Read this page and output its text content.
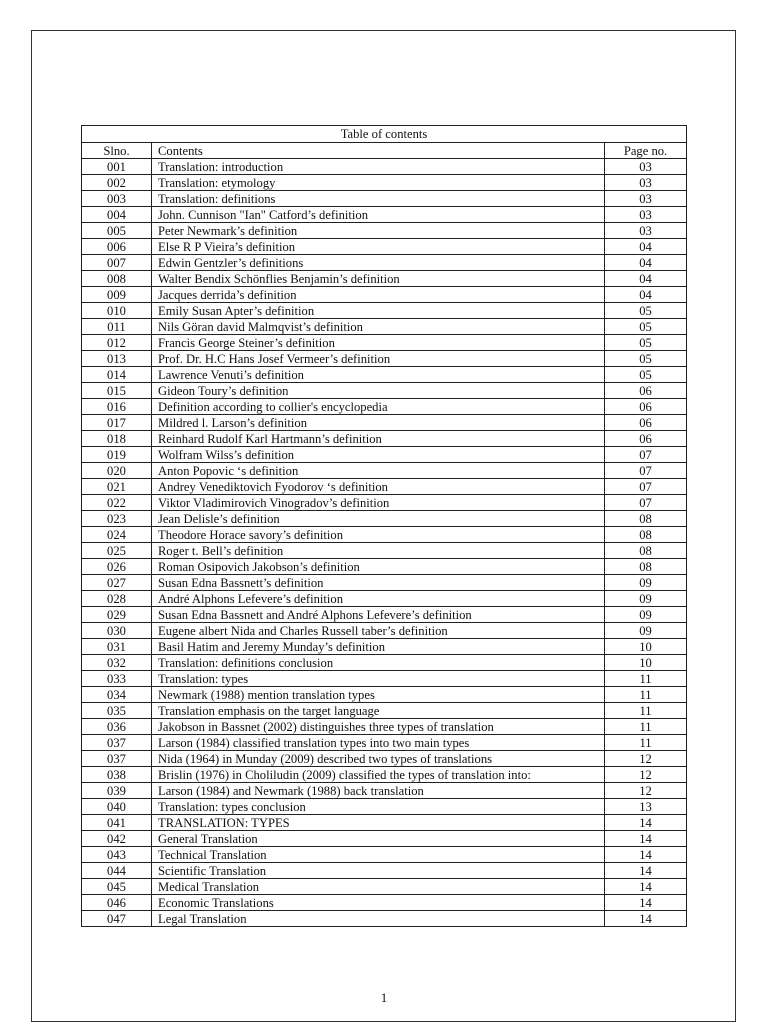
Table of contents		
Slno.	Contents	Page no.
001	Translation: introduction	03
002	Translation: etymology	03
003	Translation: definitions	03
004	John. Cunnison "Ian" Catford’s definition	03
005	Peter Newmark’s definition	03
006	Else R P Vieira’s definition	04
007	Edwin Gentzler’s definitions	04
008	Walter Bendix Schönflies Benjamin’s definition	04
009	Jacques derrida’s definition	04
010	Emily Susan Apter’s definition	05
011	Nils Göran david Malmqvist’s definition	05
012	Francis George Steiner’s definition	05
013	Prof. Dr. H.C Hans Josef Vermeer’s definition	05
014	Lawrence Venuti’s definition	05
015	Gideon Toury’s definition	06
016	Definition according to collier's encyclopedia	06
017	Mildred l. Larson’s definition	06
018	Reinhard Rudolf Karl Hartmann’s definition	06
019	Wolfram Wilss’s definition	07
020	Anton Popovic ‘s definition	07
021	Andrey Venediktovich Fyodorov ‘s definition	07
022	Viktor Vladimirovich Vinogradov’s definition	07
023	Jean Delisle’s definition	08
024	Theodore Horace savory’s definition	08
025	Roger t. Bell’s definition	08
026	Roman Osipovich Jakobson’s definition	08
027	Susan Edna Bassnett’s definition	09
028	André Alphons Lefevere’s definition	09
029	Susan Edna Bassnett and André Alphons Lefevere’s definition	09
030	Eugene albert Nida and Charles Russell taber’s definition	09
031	Basil Hatim and Jeremy Munday’s definition	10
032	Translation: definitions conclusion	10
033	Translation: types	11
034	Newmark (1988) mention translation types	11
035	Translation emphasis on the target language	11
036	Jakobson in Bassnet (2002) distinguishes three types of translation	11
037	Larson (1984) classified translation types into two main types	11
037	Nida (1964) in Munday (2009) described two types of translations	12
038	Brislin (1976) in Choliludin (2009) classified the types of translation into:	12
039	Larson (1984) and Newmark (1988) back translation	12
040	Translation: types conclusion	13
041	TRANSLATION: TYPES	14
042	General Translation	14
043	Technical Translation	14
044	Scientific Translation	14
045	Medical Translation	14
046	Economic Translations	14
047	Legal Translation	14
1
